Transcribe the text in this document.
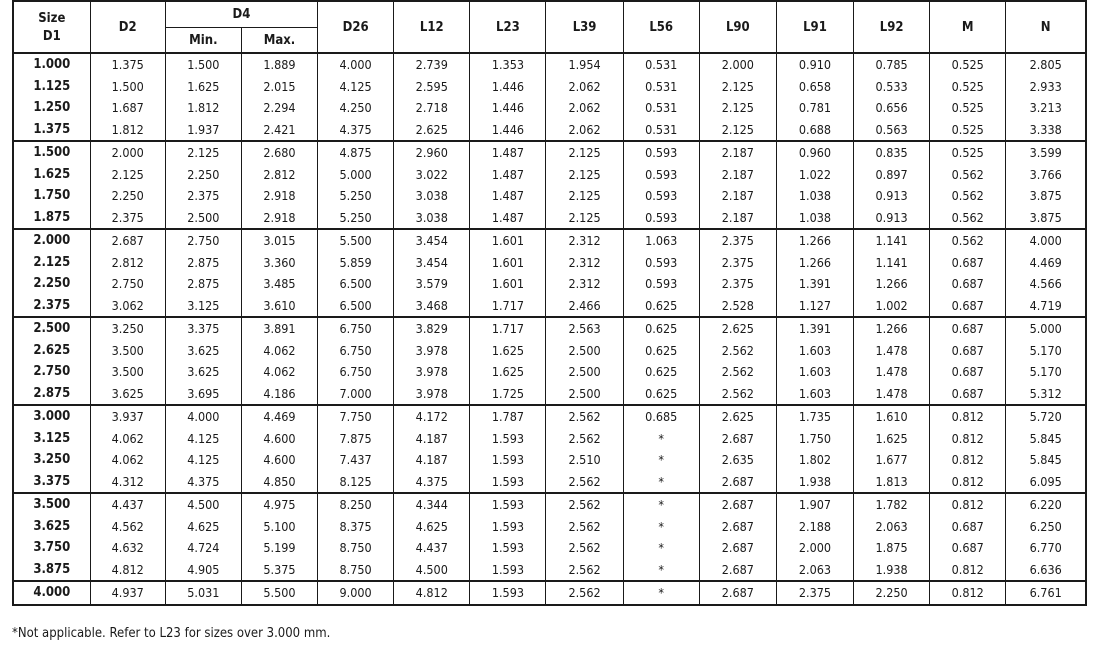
Size
D1	D2	D4		D26	L12	L23	L39	L56	L90	L91	L92	M	N
		Min.	Max.										
1.000	1.375	1.500	1.889	4.000	2.739	1.353	1.954	0.531	2.000	0.910	0.785	0.525	2.805
1.125	1.500	1.625	2.015	4.125	2.595	1.446	2.062	0.531	2.125	0.658	0.533	0.525	2.933
1.250	1.687	1.812	2.294	4.250	2.718	1.446	2.062	0.531	2.125	0.781	0.656	0.525	3.213
1.375	1.812	1.937	2.421	4.375	2.625	1.446	2.062	0.531	2.125	0.688	0.563	0.525	3.338
1.500	2.000	2.125	2.680	4.875	2.960	1.487	2.125	0.593	2.187	0.960	0.835	0.525	3.599
1.625	2.125	2.250	2.812	5.000	3.022	1.487	2.125	0.593	2.187	1.022	0.897	0.562	3.766
1.750	2.250	2.375	2.918	5.250	3.038	1.487	2.125	0.593	2.187	1.038	0.913	0.562	3.875
1.875	2.375	2.500	2.918	5.250	3.038	1.487	2.125	0.593	2.187	1.038	0.913	0.562	3.875
2.000	2.687	2.750	3.015	5.500	3.454	1.601	2.312	1.063	2.375	1.266	1.141	0.562	4.000
2.125	2.812	2.875	3.360	5.859	3.454	1.601	2.312	0.593	2.375	1.266	1.141	0.687	4.469
2.250	2.750	2.875	3.485	6.500	3.579	1.601	2.312	0.593	2.375	1.391	1.266	0.687	4.566
2.375	3.062	3.125	3.610	6.500	3.468	1.717	2.466	0.625	2.528	1.127	1.002	0.687	4.719
2.500	3.250	3.375	3.891	6.750	3.829	1.717	2.563	0.625	2.625	1.391	1.266	0.687	5.000
2.625	3.500	3.625	4.062	6.750	3.978	1.625	2.500	0.625	2.562	1.603	1.478	0.687	5.170
2.750	3.500	3.625	4.062	6.750	3.978	1.625	2.500	0.625	2.562	1.603	1.478	0.687	5.170
2.875	3.625	3.695	4.186	7.000	3.978	1.725	2.500	0.625	2.562	1.603	1.478	0.687	5.312
3.000	3.937	4.000	4.469	7.750	4.172	1.787	2.562	0.685	2.625	1.735	1.610	0.812	5.720
3.125	4.062	4.125	4.600	7.875	4.187	1.593	2.562	*	2.687	1.750	1.625	0.812	5.845
3.250	4.062	4.125	4.600	7.437	4.187	1.593	2.510	*	2.635	1.802	1.677	0.812	5.845
3.375	4.312	4.375	4.850	8.125	4.375	1.593	2.562	*	2.687	1.938	1.813	0.812	6.095
3.500	4.437	4.500	4.975	8.250	4.344	1.593	2.562	*	2.687	1.907	1.782	0.812	6.220
3.625	4.562	4.625	5.100	8.375	4.625	1.593	2.562	*	2.687	2.188	2.063	0.687	6.250
3.750	4.632	4.724	5.199	8.750	4.437	1.593	2.562	*	2.687	2.000	1.875	0.687	6.770
3.875	4.812	4.905	5.375	8.750	4.500	1.593	2.562	*	2.687	2.063	1.938	0.812	6.636
4.000	4.937	5.031	5.500	9.000	4.812	1.593	2.562	*	2.687	2.375	2.250	0.812	6.761
*Not applicable. Refer to L23 for sizes over 3.000 mm.
